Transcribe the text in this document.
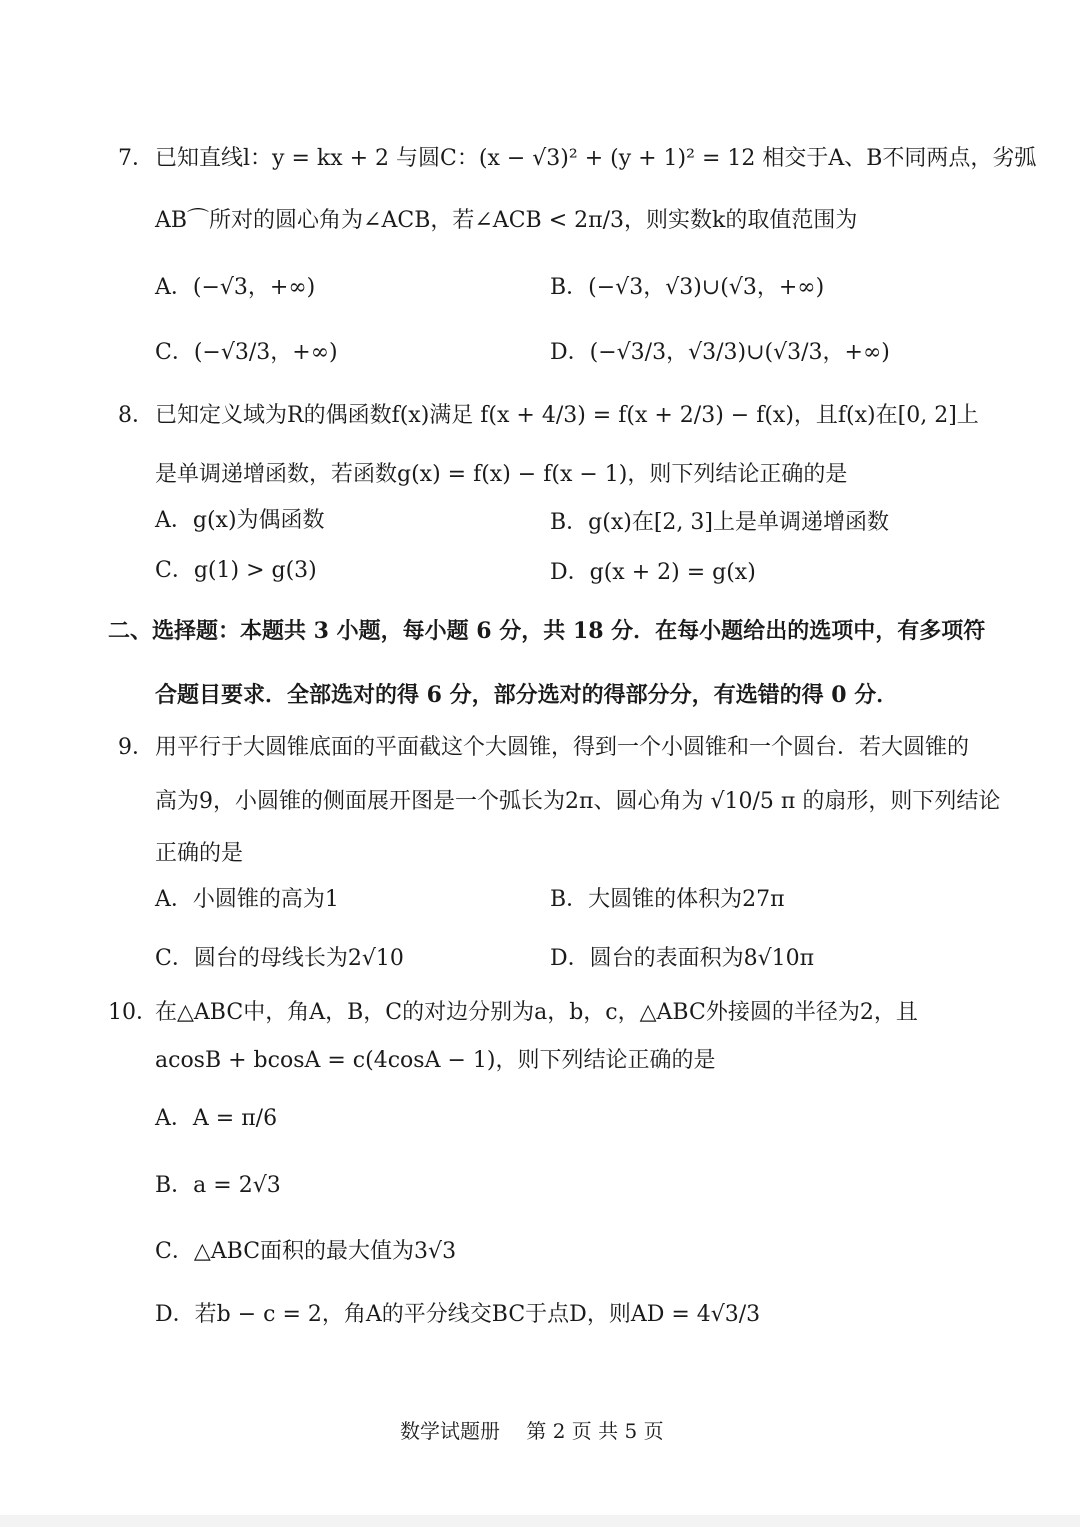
7． 已知直线l：y = kx + 2 与圆C：(x − √3)² + (y + 1)² = 12 相交于A、B不同两点，劣弧
AB⌒所对的圆心角为∠ACB，若∠ACB < 2π/3，则实数k的取值范围为
A．(−√3，+∞)	B．(−√3，√3)∪(√3，+∞)
C．(−√3/3，+∞)	D．(−√3/3，√3/3)∪(√3/3，+∞)
8． 已知定义域为R的偶函数f(x)满足 f(x + 4/3) = f(x + 2/3) − f(x)，且f(x)在[0, 2]上
是单调递增函数，若函数g(x) = f(x) − f(x − 1)，则下列结论正确的是
A．g(x)为偶函数	B．g(x)在[2, 3]上是单调递增函数
C．g(1) > g(3)	D．g(x + 2) = g(x)
二、选择题：本题共 3 小题，每小题 6 分，共 18 分．在每小题给出的选项中，有多项符
合题目要求．全部选对的得 6 分，部分选对的得部分分，有选错的得 0 分．
9． 用平行于大圆锥底面的平面截这个大圆锥，得到一个小圆锥和一个圆台．若大圆锥的
高为9，小圆锥的侧面展开图是一个弧长为2π、圆心角为 √10/5 π 的扇形，则下列结论
正确的是
A．小圆锥的高为1	B．大圆锥的体积为27π
C．圆台的母线长为2√10	D．圆台的表面积为8√10π
10．
在△ABC中，角A，B，C的对边分别为a，b，c，△ABC外接圆的半径为2，且
acosB + bcosA = c(4cosA − 1)，则下列结论正确的是
A．A = π/6
B．a = 2√3
C．△ABC面积的最大值为3√3
D．若b − c = 2，角A的平分线交BC于点D，则AD = 4√3/3
数学试题册 第 2 页 共 5 页
